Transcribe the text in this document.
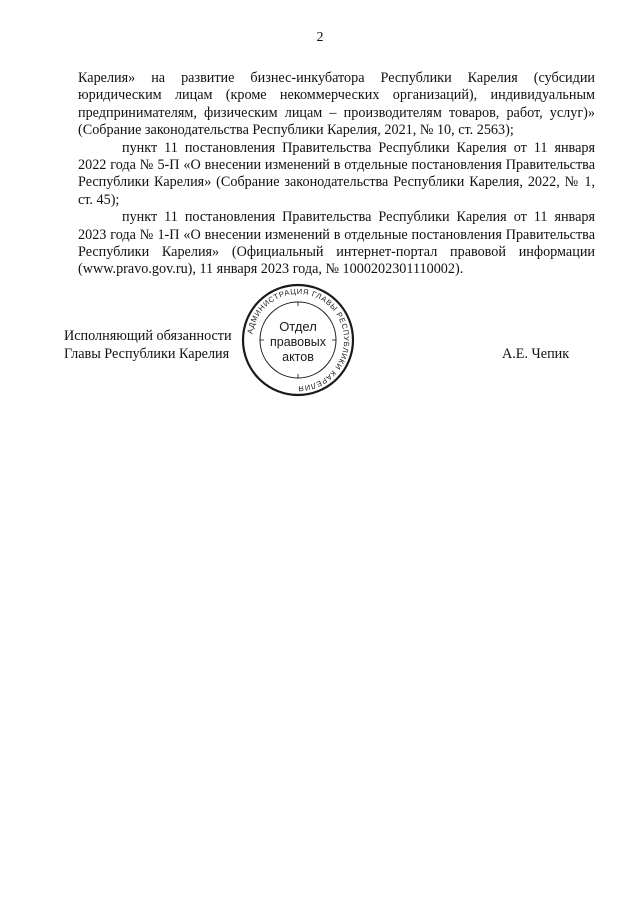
2

Карелия» на развитие бизнес-инкубатора Республики Карелия (субсидии юридическим лицам (кроме некоммерческих организаций), индивидуальным предпринимателям, физическим лицам – производителям товаров, работ, услуг)» (Собрание законодательства Республики Карелия, 2021, № 10, ст. 2563);

пункт 11 постановления Правительства Республики Карелия от 11 января 2022 года № 5-П «О внесении изменений в отдельные постановления Правительства Республики Карелия» (Собрание законодательства Республики Карелия, 2022, № 1, ст. 45);

пункт 11 постановления Правительства Республики Карелия от 11 января 2023 года № 1-П «О внесении изменений в отдельные постановления Правительства Республики Карелия» (Официальный интернет-портал правовой информации (www.pravo.gov.ru), 11 января 2023 года, № 1000202301110002).

Исполняющий обязанности
Главы Республики Карелия	А.Е. Чепик
АДМИНИСТРАЦИЯ ГЛАВЫ РЕСПУБЛИКИ КАРЕЛИЯ
Отдел
правовых
актов
